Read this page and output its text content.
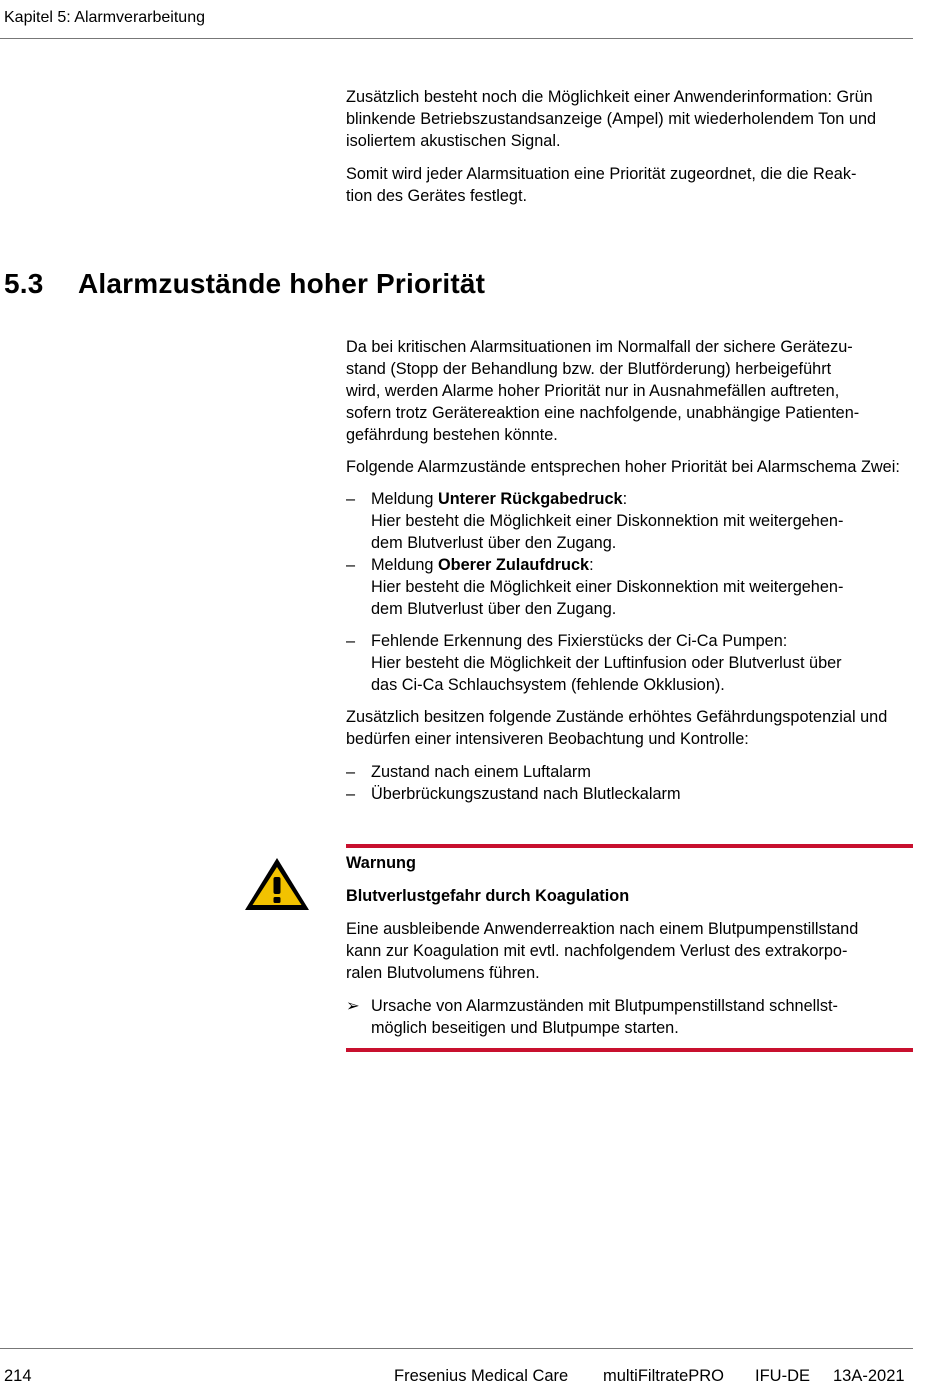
Kapitel 5: Alarmverarbeitung

Zusätzlich besteht noch die Möglichkeit einer Anwenderinformation: Grün blinkende Betriebszustandsanzeige (Ampel) mit wiederholendem Ton und isoliertem akustischen Signal.

Somit wird jeder Alarmsituation eine Priorität zugeordnet, die die Reak-
tion des Gerätes festlegt.

5.3 Alarmzustände hoher Priorität

Da bei kritischen Alarmsituationen im Normalfall der sichere Gerätezu-
stand (Stopp der Behandlung bzw. der Blutförderung) herbeigeführt
wird, werden Alarme hoher Priorität nur in Ausnahmefällen auftreten,
sofern trotz Gerätereaktion eine nachfolgende, unabhängige Patienten-
gefährdung bestehen könnte.

Folgende Alarmzustände entsprechen hoher Priorität bei Alarmschema Zwei:

– Meldung Unterer Rückgabedruck:
Hier besteht die Möglichkeit einer Diskonnektion mit weitergehen-
dem Blutverlust über den Zugang.
– Meldung Oberer Zulaufdruck:
Hier besteht die Möglichkeit einer Diskonnektion mit weitergehen-
dem Blutverlust über den Zugang.
– Fehlende Erkennung des Fixierstücks der Ci-Ca Pumpen:
Hier besteht die Möglichkeit der Luftinfusion oder Blutverlust über
das Ci-Ca Schlauchsystem (fehlende Okklusion).

Zusätzlich besitzen folgende Zustände erhöhtes Gefährdungspotenzial und bedürfen einer intensiveren Beobachtung und Kontrolle:

– Zustand nach einem Luftalarm
– Überbrückungszustand nach Blutleckalarm

Warnung

Blutverlustgefahr durch Koagulation

Eine ausbleibende Anwenderreaktion nach einem Blutpumpenstillstand
kann zur Koagulation mit evtl. nachfolgendem Verlust des extrakorpo-
ralen Blutvolumens führen.

➢ Ursache von Alarmzuständen mit Blutpumpenstillstand schnellst-
möglich beseitigen und Blutpumpe starten.
214	Fresenius Medical Care multiFiltratePRO IFU-DE 13A-2021
